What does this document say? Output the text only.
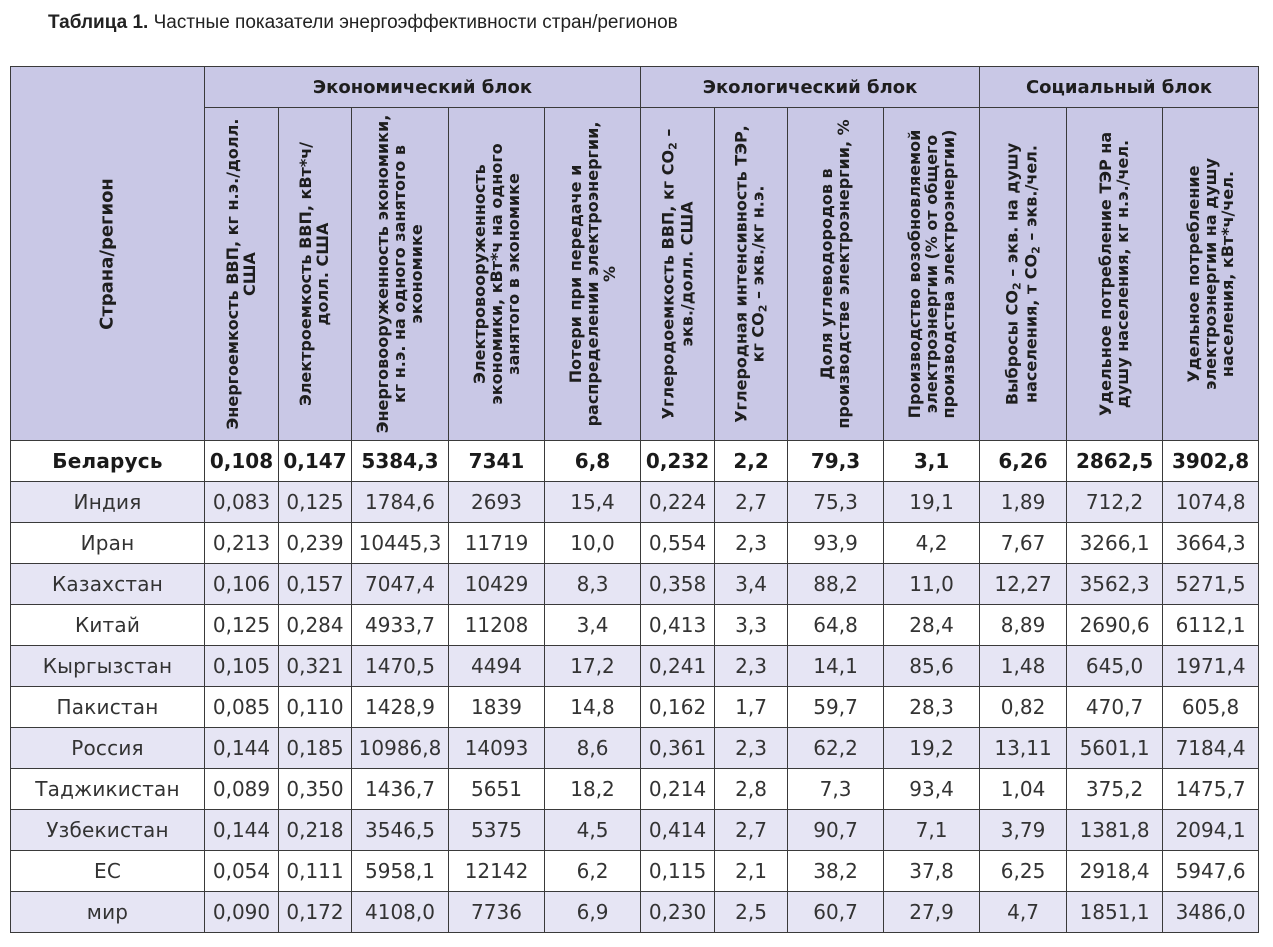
Таблица 1. Частные показатели энергоэффективности стран/регионов
Страна/регион	Экономический блок					Экологический блок				Социальный блок		

	Энергоемкость ВВП, кг н.э./долл. США	Электроемкость ВВП, кВт*ч/ долл. США	Энерговооруженность экономики, кг н.э. на одного занятого в экономике	Электровооруженность экономики, кВт*ч на одного занятого в экономике	Потери при передаче и распределении электроэнергии, %	Углеродоемкость ВВП, кг $CO_2$ – экв./долл. США	Углеродная интенсивность ТЭР, кг $CO_2 - экв./кг$ н.э.	Доля углеводородов в производстве электроэнергии, %	Производство возобновляемой электроэнергии (% от общего производства электроэнергии)	Выбросы $CO_2$ – экв. на душу населения, т $CO_2 - экв./чел$.	Удельное потребление ТЭР на душу населения, кг н.э./чел.	Удельное потребление электроэнергии на душу населения, кВт*ч/чел.

Беларусь	0,108	0,147	5384,3	7341	6,8	0,232	2,2	79,3	3,1	6,26	2862,5	3902,8
Индия	0,083	0,125	1784,6	2693	15,4	0,224	2,7	75,3	19,1	1,89	712,2	1074,8
Иран	0,213	0,239	10445,3	11719	10,0	0,554	2,3	93,9	4,2	7,67	3266,1	3664,3
Казахстан	0,106	0,157	7047,4	10429	8,3	0,358	3,4	88,2	11,0	12,27	3562,3	5271,5
Китай	0,125	0,284	4933,7	11208	3,4	0,413	3,3	64,8	28,4	8,89	2690,6	6112,1
Кыргызстан	0,105	0,321	1470,5	4494	17,2	0,241	2,3	14,1	85,6	1,48	645,0	1971,4
Пакистан	0,085	0,110	1428,9	1839	14,8	0,162	1,7	59,7	28,3	0,82	470,7	605,8
Россия	0,144	0,185	10986,8	14093	8,6	0,361	2,3	62,2	19,2	13,11	5601,1	7184,4
Таджикистан	0,089	0,350	1436,7	5651	18,2	0,214	2,8	7,3	93,4	1,04	375,2	1475,7
Узбекистан	0,144	0,218	3546,5	5375	4,5	0,414	2,7	90,7	7,1	3,79	1381,8	2094,1
ЕС	0,054	0,111	5958,1	12142	6,2	0,115	2,1	38,2	37,8	6,25	2918,4	5947,6
мир	0,090	0,172	4108,0	7736	6,9	0,230	2,5	60,7	27,9	4,7	1851,1	3486,0
